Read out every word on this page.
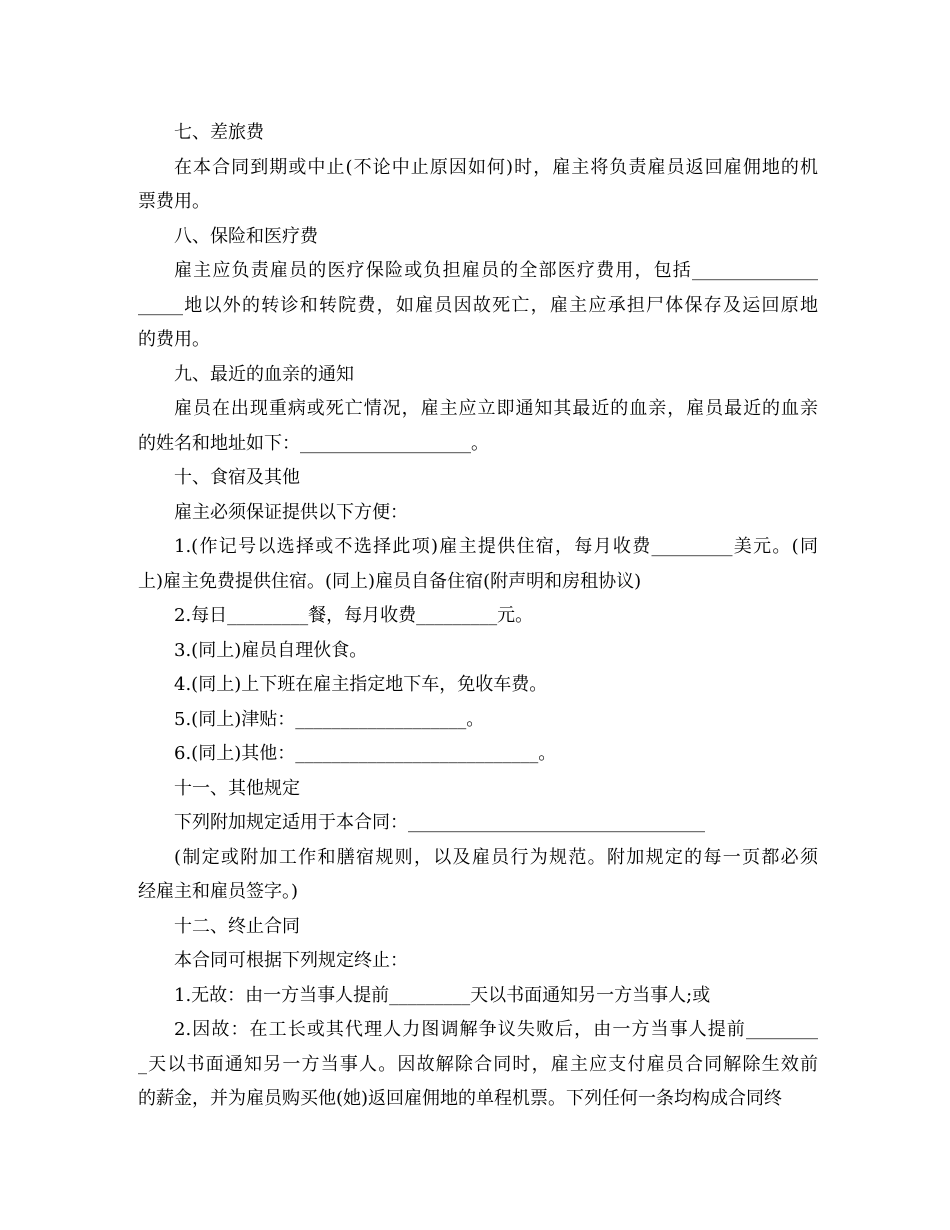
七、差旅费
在本合同到期或中止(不论中止原因如何)时，雇主将负责雇员返回雇佣地的机
票费用。
八、保险和医疗费
雇主应负责雇员的医疗保险或负担雇员的全部医疗费用，包括______________
_____地以外的转诊和转院费，如雇员因故死亡，雇主应承担尸体保存及运回原地
的费用。
九、最近的血亲的通知
雇员在出现重病或死亡情况，雇主应立即通知其最近的血亲，雇员最近的血亲
的姓名和地址如下：___________________。
十、食宿及其他
雇主必须保证提供以下方便：
1.(作记号以选择或不选择此项)雇主提供住宿，每月收费_________美元。(同
上)雇主免费提供住宿。(同上)雇员自备住宿(附声明和房租协议)
2.每日_________餐，每月收费_________元。
3.(同上)雇员自理伙食。
4.(同上)上下班在雇主指定地下车，免收车费。
5.(同上)津贴：___________________。
6.(同上)其他：___________________________。
十一、其他规定
下列附加规定适用于本合同：_________________________________
(制定或附加工作和膳宿规则，以及雇员行为规范。附加规定的每一页都必须
经雇主和雇员签字。)
十二、终止合同
本合同可根据下列规定终止：
1.无故：由一方当事人提前_________天以书面通知另一方当事人;或
2.因故：在工长或其代理人力图调解争议失败后，由一方当事人提前________
_天以书面通知另一方当事人。因故解除合同时，雇主应支付雇员合同解除生效前
的薪金，并为雇员购买他(她)返回雇佣地的单程机票。下列任何一条均构成合同终
